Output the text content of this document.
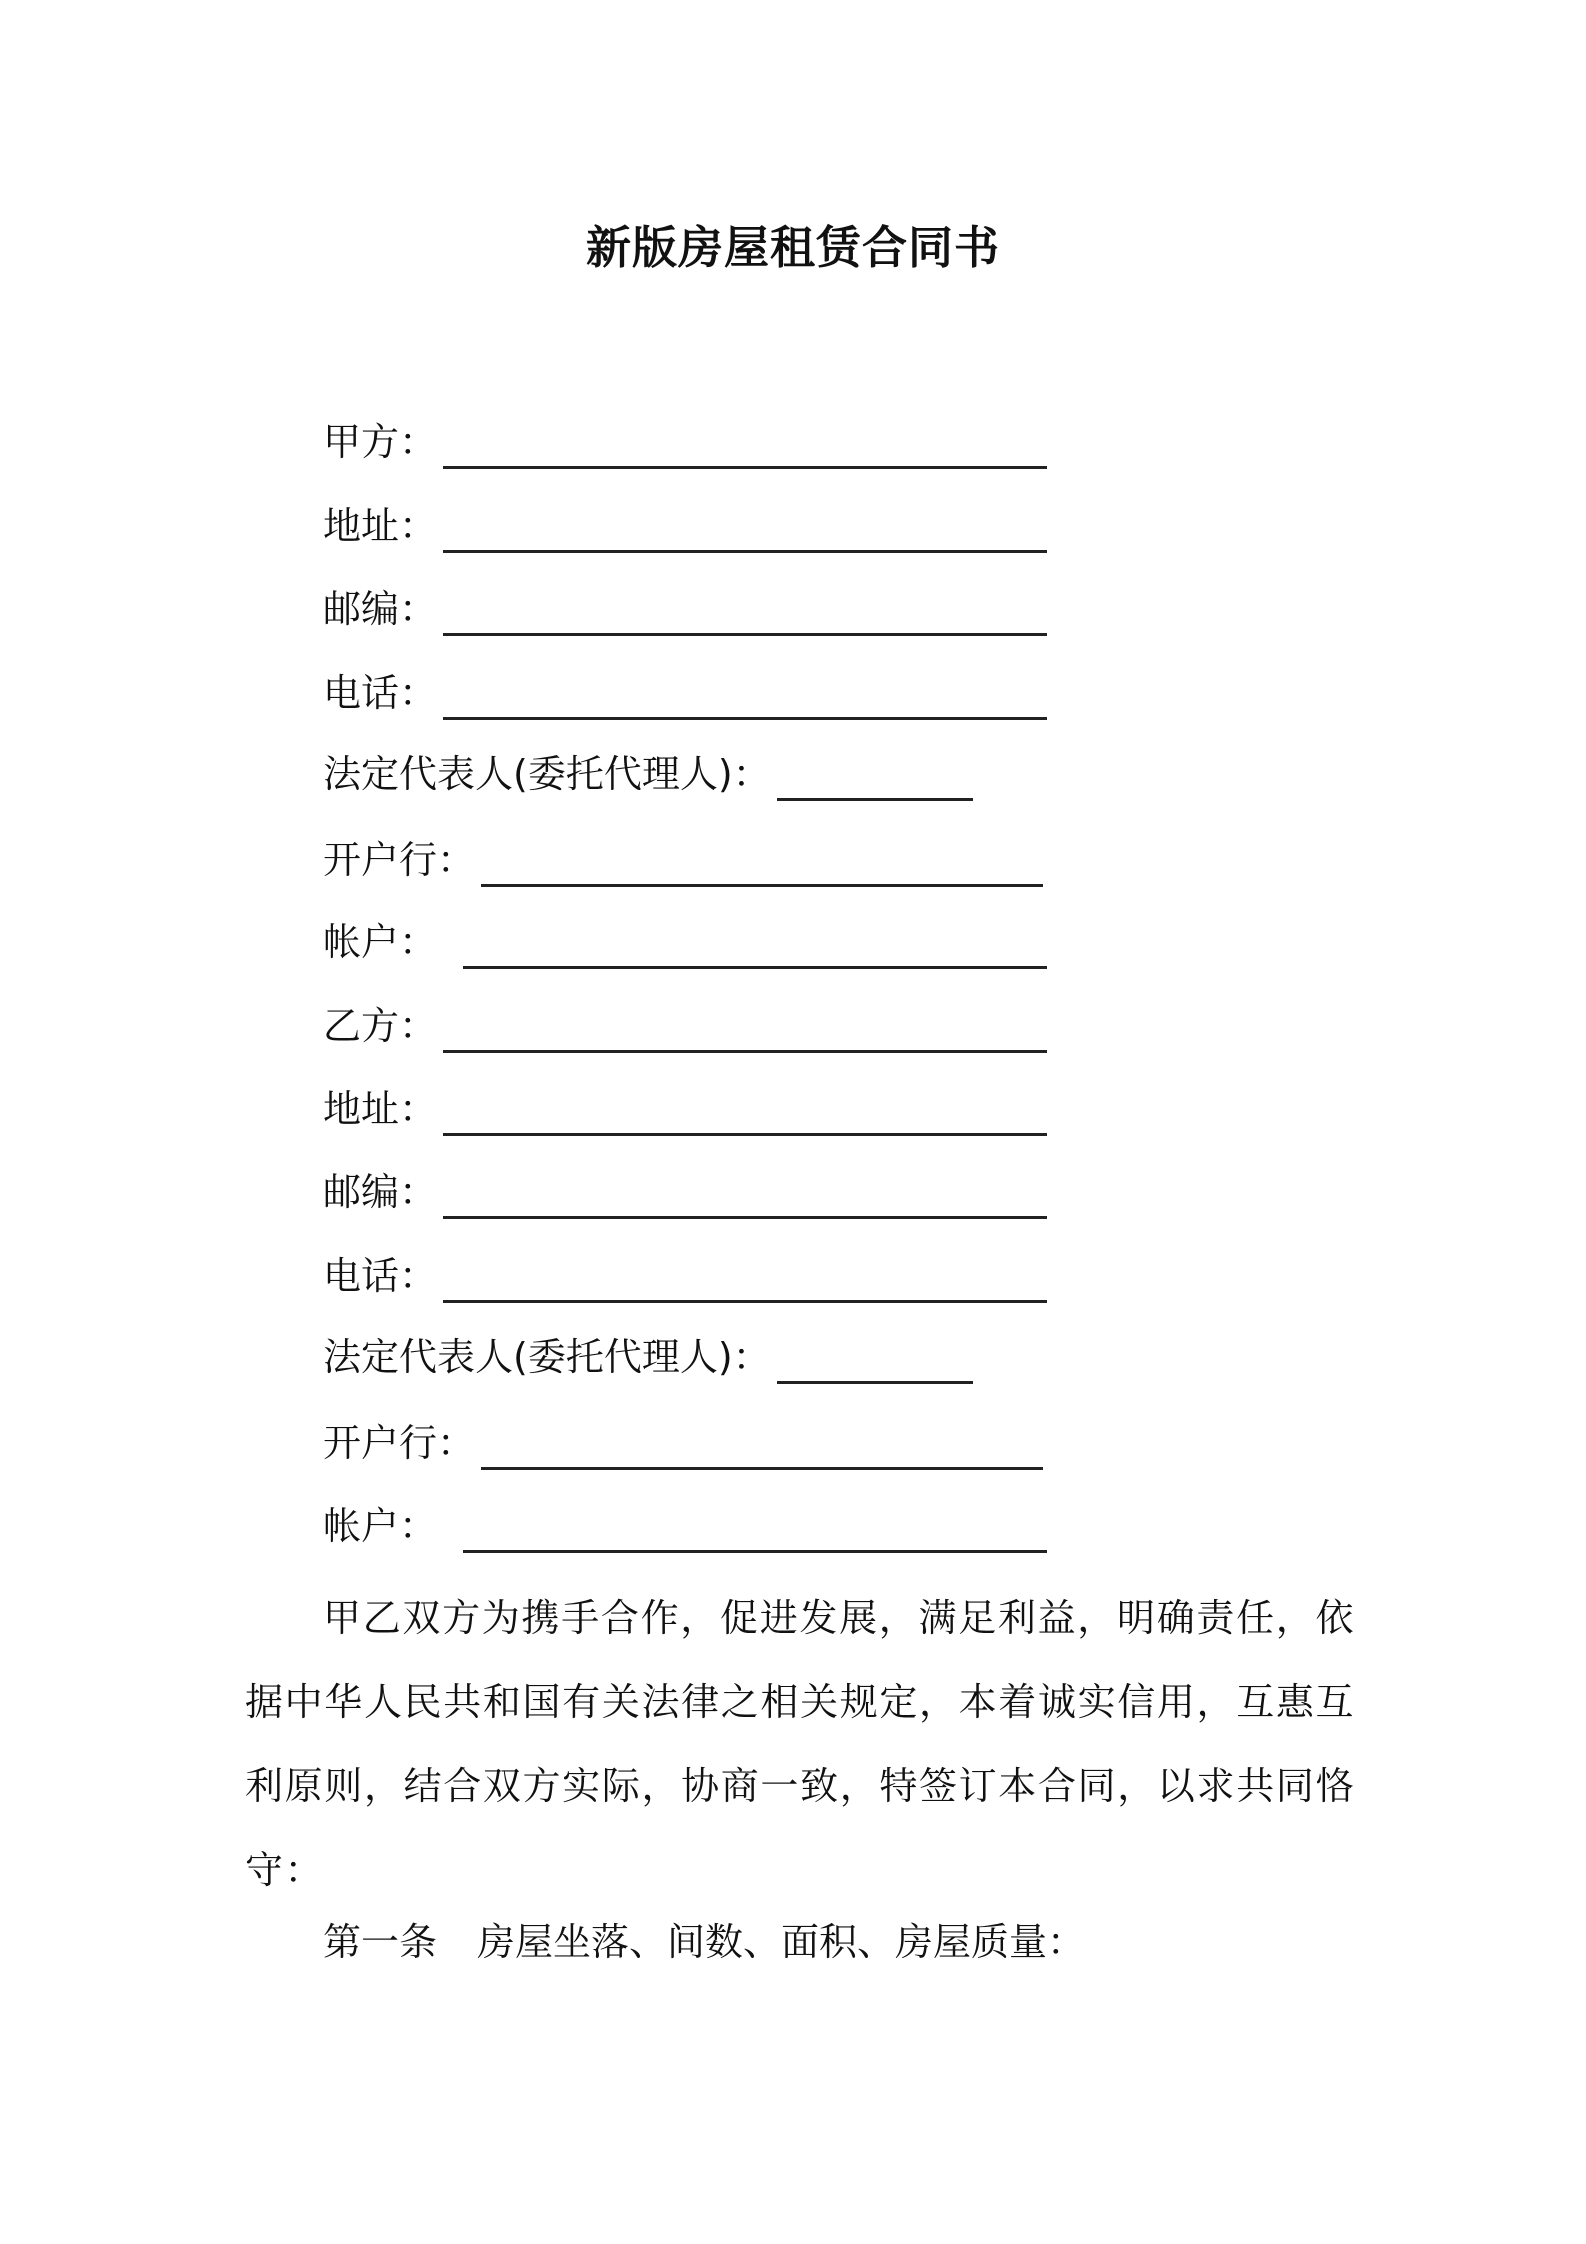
新版房屋租赁合同书
甲方：
地址：
邮编：
电话：
法定代表人(委托代理人)：
开户行：
帐户：
乙方：
地址：
邮编：
电话：
法定代表人(委托代理人)：
开户行：
帐户：

甲乙双方为携手合作，促进发展，满足利益，明确责任，依据中华人民共和国有关法律之相关规定，本着诚实信用，互惠互利原则，结合双方实际，协商一致，特签订本合同，以求共同恪守：

第一条 房屋坐落、间数、面积、房屋质量：
